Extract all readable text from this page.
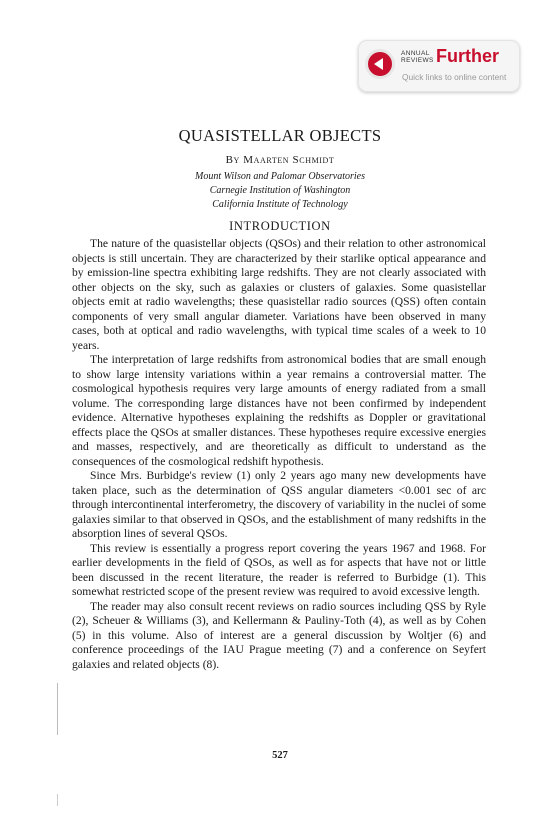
ANNUAL
REVIEWS Further
Quick links to online content
QUASISTELLAR OBJECTS
By Maarten Schmidt
Mount Wilson and Palomar Observatories
Carnegie Institution of Washington
California Institute of Technology
INTRODUCTION

The nature of the quasistellar objects (QSOs) and their relation to other astronomical objects is still uncertain. They are characterized by their starlike optical appearance and by emission-line spectra exhibiting large redshifts. They are not clearly associated with other objects on the sky, such as galaxies or clusters of galaxies. Some quasistellar objects emit at radio wavelengths; these quasistellar radio sources (QSS) often contain components of very small angular diameter. Variations have been observed in many cases, both at optical and radio wavelengths, with typical time scales of a week to 10 years.

The interpretation of large redshifts from astronomical bodies that are small enough to show large intensity variations within a year remains a controversial matter. The cosmological hypothesis requires very large amounts of energy radiated from a small volume. The corresponding large distances have not been confirmed by independent evidence. Alternative hypotheses explaining the redshifts as Doppler or gravitational effects place the QSOs at smaller distances. These hypotheses require excessive energies and masses, respectively, and are theoretically as difficult to understand as the consequences of the cosmological redshift hypothesis.

Since Mrs. Burbidge's review (1) only 2 years ago many new developments have taken place, such as the determination of QSS angular diameters <0.001 sec of arc through intercontinental interferometry, the discovery of variability in the nuclei of some galaxies similar to that observed in QSOs, and the establishment of many redshifts in the absorption lines of several QSOs.

This review is essentially a progress report covering the years 1967 and 1968. For earlier developments in the field of QSOs, as well as for aspects that have not or little been discussed in the recent literature, the reader is referred to Burbidge (1). This somewhat restricted scope of the present review was required to avoid excessive length.

The reader may also consult recent reviews on radio sources including QSS by Ryle (2), Scheuer & Williams (3), and Kellermann & Pauliny-Toth (4), as well as by Cohen (5) in this volume. Also of interest are a general discussion by Woltjer (6) and conference proceedings of the IAU Prague meeting (7) and a conference on Seyfert galaxies and related objects (8).

527
